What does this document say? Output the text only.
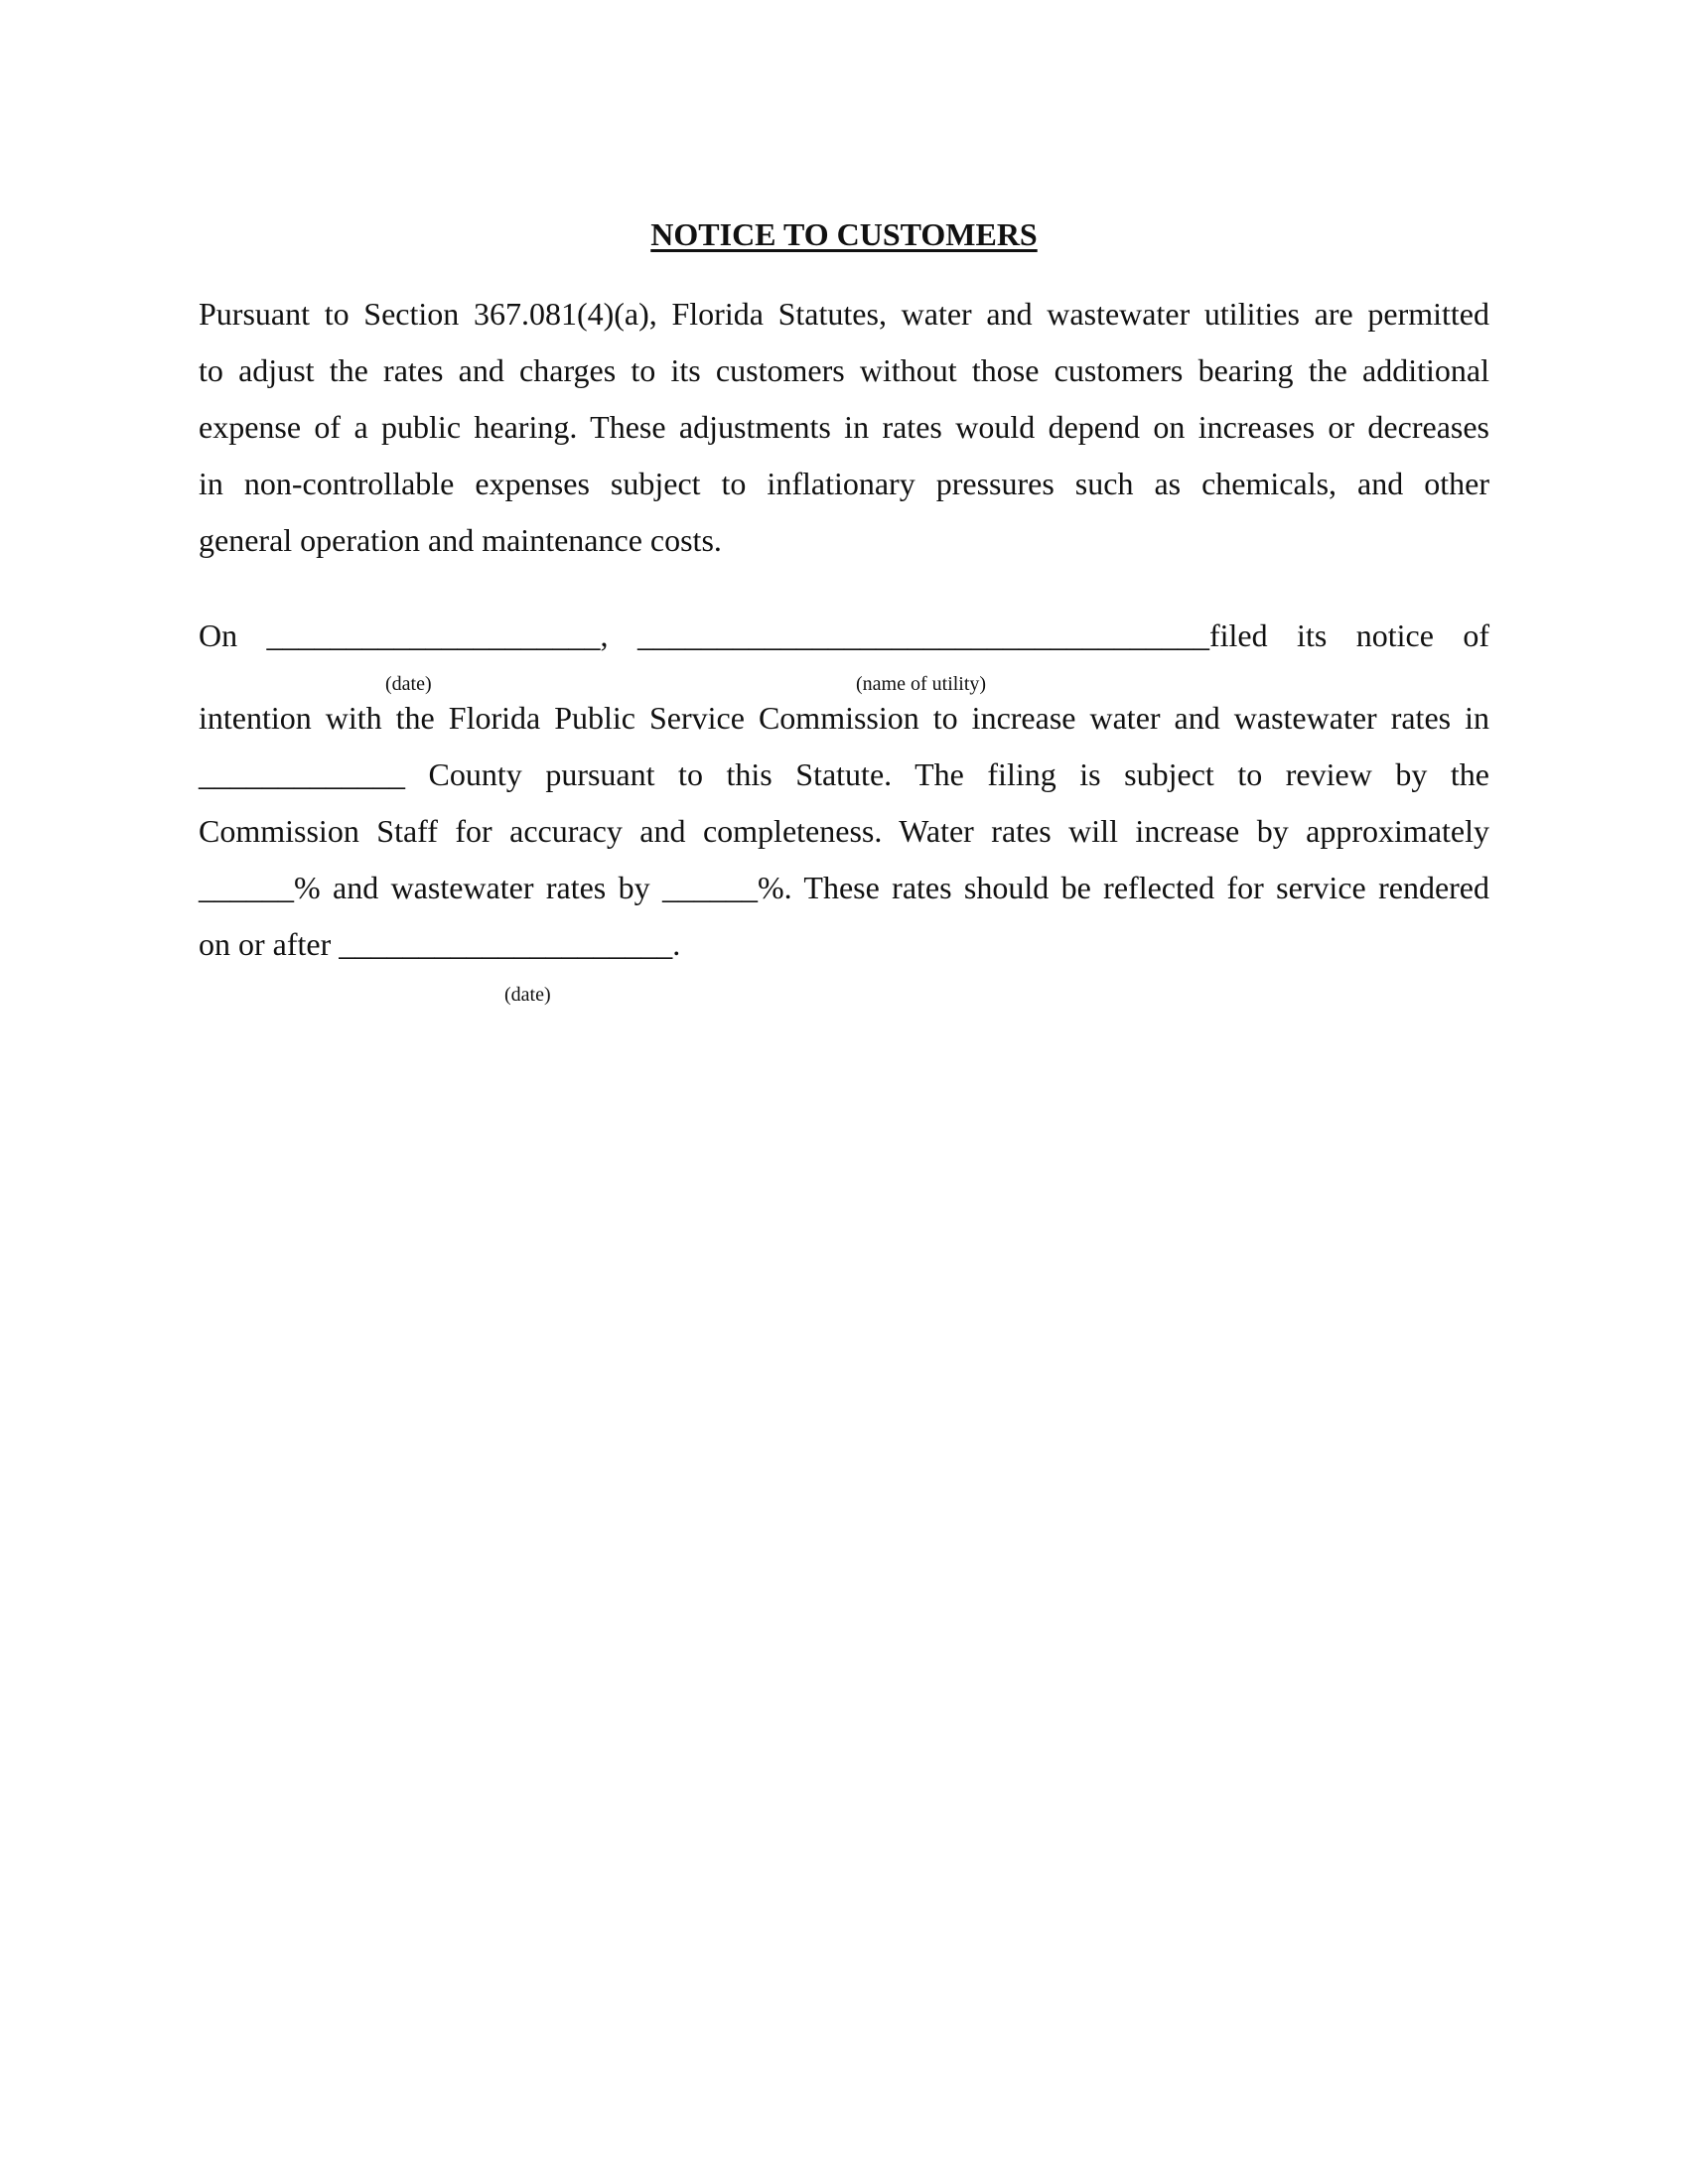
NOTICE TO CUSTOMERS
Pursuant to Section 367.081(4)(a), Florida Statutes, water and wastewater utilities are permitted
to adjust the rates and charges to its customers without those customers bearing the additional
expense of a public hearing. These adjustments in rates would depend on increases or decreases
in non-controllable expenses subject to inflationary pressures such as chemicals, and other
general operation and maintenance costs.
On _____________________, ____________________________________filed its notice of
(date)	(name of utility)
intention with the Florida Public Service Commission to increase water and wastewater rates in
_____________ County pursuant to this Statute. The filing is subject to review by the
Commission Staff for accuracy and completeness. Water rates will increase by approximately
______% and wastewater rates by ______%. These rates should be reflected for service rendered
on or after _____________________.
(date)
